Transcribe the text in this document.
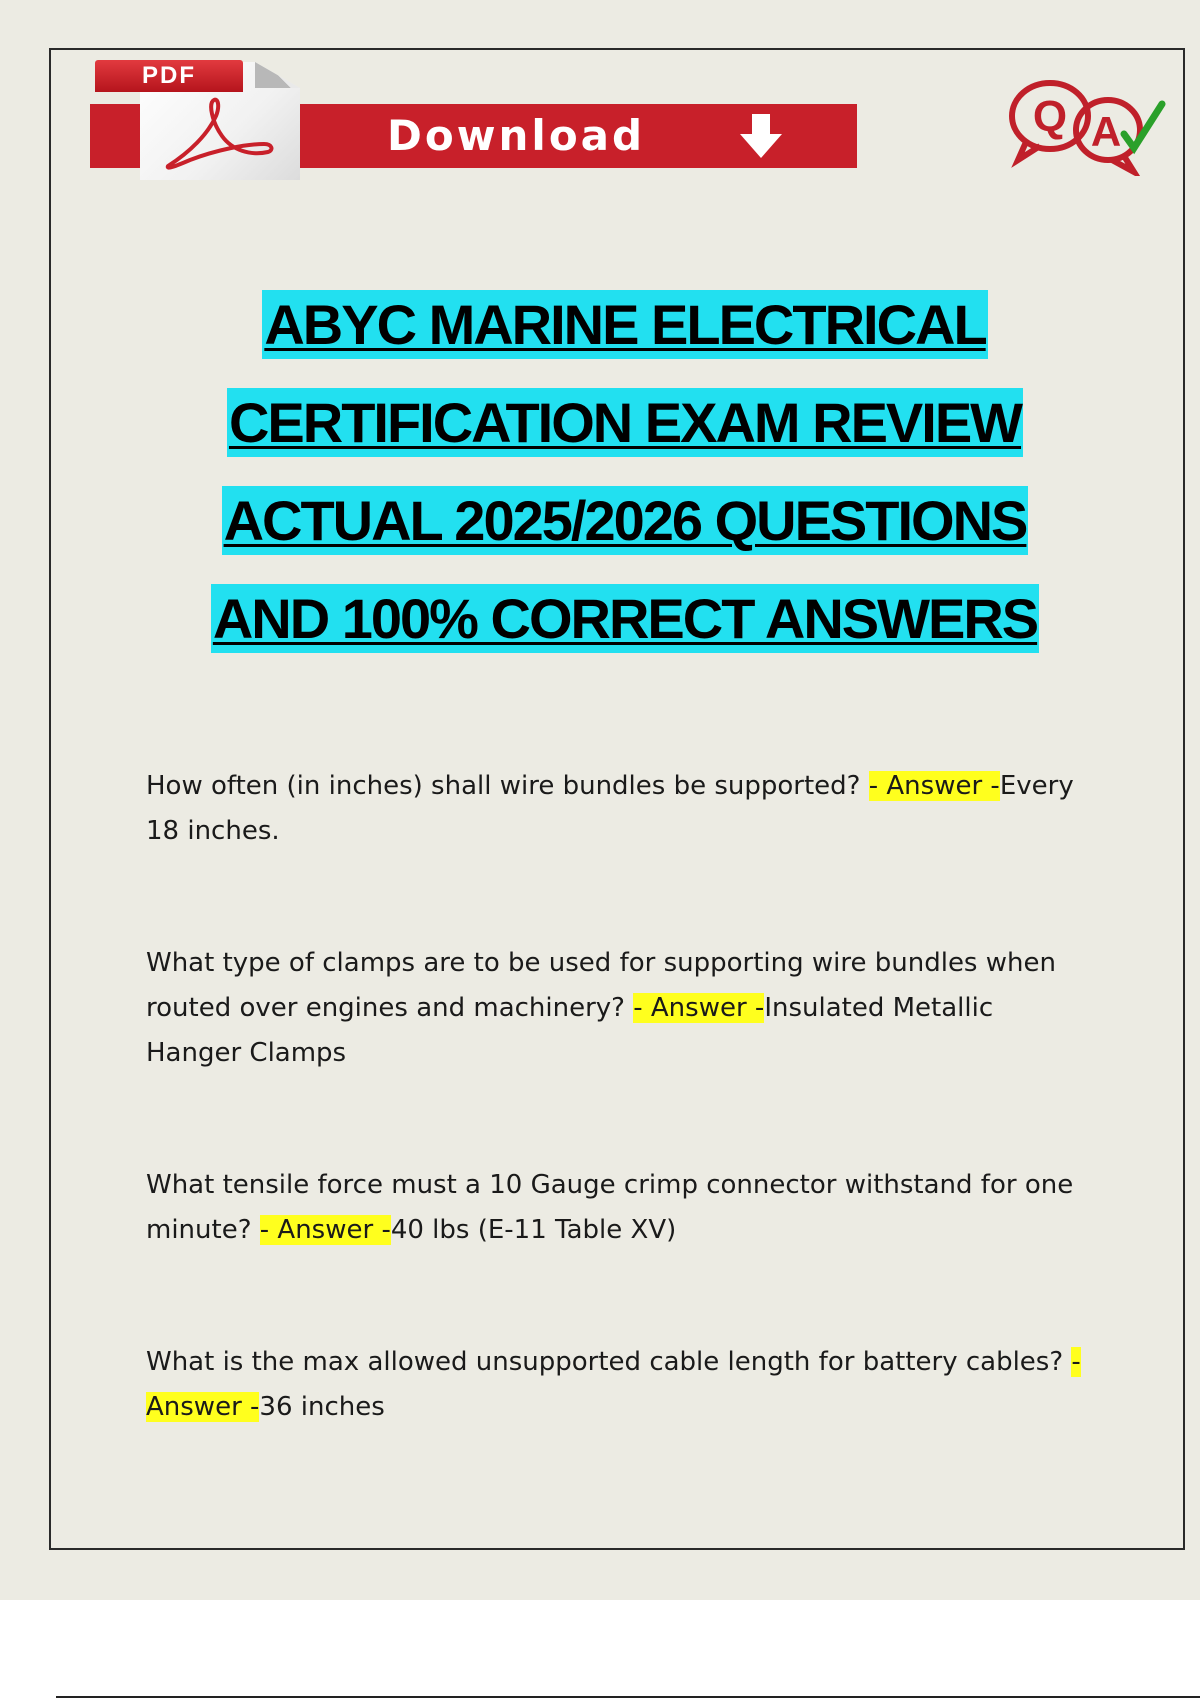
PDF
Download	Q A
ABYC MARINE ELECTRICAL
CERTIFICATION EXAM REVIEW
ACTUAL 2025/2026 QUESTIONS
AND 100% CORRECT ANSWERS

How often (in inches) shall wire bundles be supported? - Answer -Every 18 inches.

What type of clamps are to be used for supporting wire bundles when routed over engines and machinery? - Answer -Insulated Metallic Hanger Clamps

What tensile force must a 10 Gauge crimp connector withstand for one minute? - Answer -40 lbs (E-11 Table XV)

What is the max allowed unsupported cable length for battery cables? - Answer -36 inches
